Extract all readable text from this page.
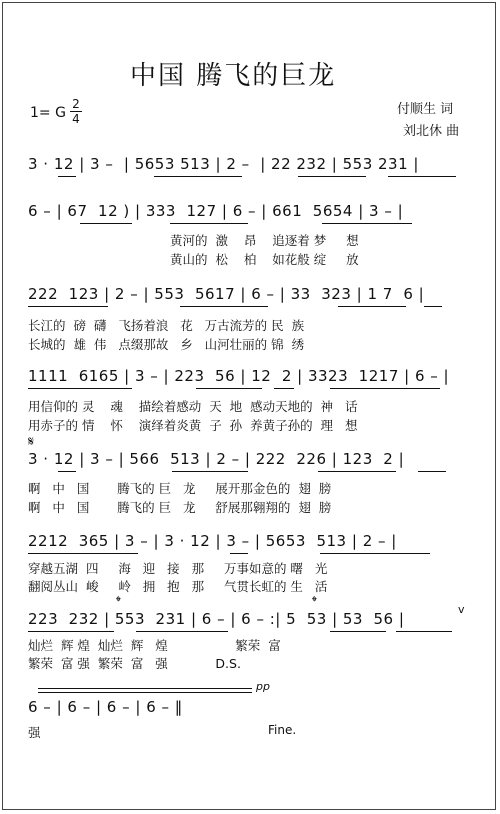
中国 腾飞的巨龙
付顺生 词
刘北休 曲
1= G
2
4
3 · 12 | 3 –  | 5653 513 | 2 –  | 22 232 | 553 231 |
6 – | 67  12 ) | 333  127 | 6 – | 661  5654 | 3 – |
黄河的  激    昂    追逐着 梦     想
黄山的  松    柏    如花般 绽     放
222  123 | 2 – | 553  5617 | 6 – | 33  323 | 1 7  6 |
长江的  磅  礴   飞扬着浪   花   万古流芳的 民  族
长城的  雄  伟   点缀那故   乡   山河壮丽的 锦  绣
1111  6165 | 3 – | 223  56 | 12  2 | 3323  1217 | 6 – |
用信仰的 灵    魂    描绘着感动  天  地  感动天地的  神   话
用赤子的 情    怀    演绎着炎黄  子  孙  养黄子孙的  理   想
𝄋
3 · 12 | 3 – | 566  513 | 2 – | 222  226 | 123  2 |
啊   中   国       腾飞的 巨   龙     展开那金色的  翅  膀
啊   中   国       腾飞的 巨   龙     舒展那翱翔的  翅  膀
2212  365 | 3 – | 3 · 12 | 3 – | 5653  513 | 2 – |
穿越五湖  四     海   迎   接   那     万事如意的 曙   光
翻阅丛山  峻     岭   拥   抱   那     气贯长虹的 生   活
𝄌	𝄌	v
223  232 | 553  231 | 6 – | 6 – :| 5  53 | 53  56 |
灿烂  辉 煌  灿烂  辉   煌                 繁荣  富
繁荣  富 强  繁荣  富   强            D.S.
pp
6 – | 6 – | 6 – | 6 – ‖
强	Fine.
